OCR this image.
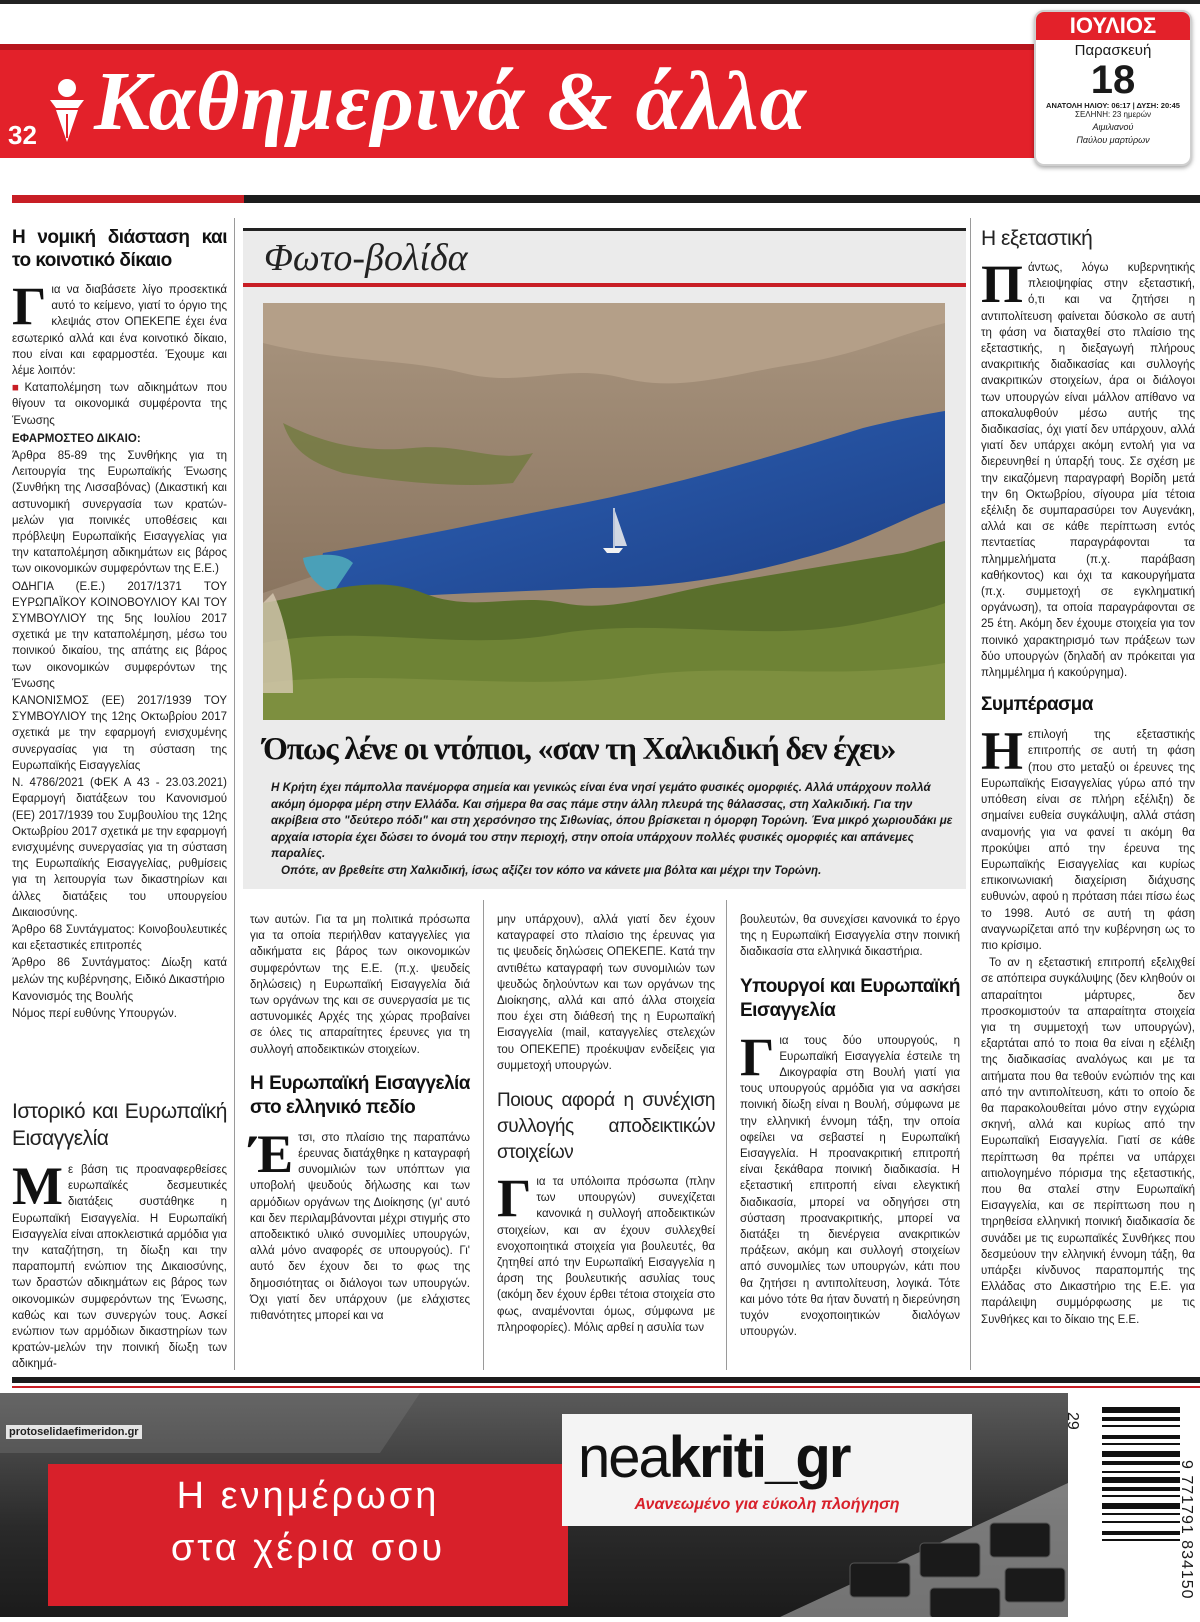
32 Καθημερινά & άλλα
ΙΟΥΛΙΟΣ
Παρασκευή
18
ΑΝΑΤΟΛΗ ΗΛΙΟΥ: 06:17 | ΔΥΣΗ: 20:45
ΣΕΛΗΝΗ: 23 ημερών
Αιμιλιανού
Παύλου μαρτύρων
Η νομική διάσταση και το κοινοτικό δίκαιο

Για να διαβάσετε λίγο προσεκτικά αυτό το κείμενο, γιατί το όργιο της κλεψιάς στον ΟΠΕΚΕΠΕ έχει ένα εσωτερικό αλλά και ένα κοινοτικό δίκαιο, που είναι και εφαρμοστέα. Έχουμε και λέμε λοιπόν:

■Καταπολέμηση των αδικημάτων που θίγουν τα οικονομικά συμφέροντα της Ένωσης

ΕΦΑΡΜΟΣΤΕΟ ΔΙΚΑΙΟ:

Άρθρα 85-89 της Συνθήκης για τη Λειτουργία της Ευρωπαϊκής Ένωσης (Συνθήκη της Λισσαβόνας) (Δικαστική και αστυνομική συνεργασία των κρατών-μελών για ποινικές υποθέσεις και πρόβλεψη Ευρωπαϊκής Εισαγγελίας για την καταπολέμηση αδικημάτων εις βάρος των οικονομικών συμφερόντων της Ε.Ε.)

ΟΔΗΓΙΑ (Ε.Ε.) 2017/1371 ΤΟΥ ΕΥΡΩΠΑΪΚΟΥ ΚΟΙΝΟΒΟΥΛΙΟΥ ΚΑΙ ΤΟΥ ΣΥΜΒΟΥΛΙΟΥ της 5ης Ιουλίου 2017 σχετικά με την καταπολέμηση, μέσω του ποινικού δικαίου, της απάτης εις βάρος των οικονομικών συμφερόντων της Ένωσης

ΚΑΝΟΝΙΣΜΟΣ (ΕΕ) 2017/1939 ΤΟΥ ΣΥΜΒΟΥΛΙΟΥ της 12ης Οκτωβρίου 2017 σχετικά με την εφαρμογή ενισχυμένης συνεργασίας για τη σύσταση της Ευρωπαϊκής Εισαγγελίας

Ν. 4786/2021 (ΦΕΚ Α 43 - 23.03.2021) Εφαρμογή διατάξεων του Κανονισμού (ΕΕ) 2017/1939 του Συμβουλίου της 12ης Οκτωβρίου 2017 σχετικά με την εφαρμογή ενισχυμένης συνεργασίας για τη σύσταση της Ευρωπαϊκής Εισαγγελίας, ρυθμίσεις για τη λειτουργία των δικαστηρίων και άλλες διατάξεις του υπουργείου Δικαιοσύνης.

Άρθρο 68 Συντάγματος: Κοινοβουλευτικές και εξεταστικές επιτροπές

Άρθρο 86 Συντάγματος: Δίωξη κατά μελών της κυβέρνησης, Ειδικό Δικαστήριο

Κανονισμός της Βουλής

Νόμος περί ευθύνης Υπουργών.

Ιστορικό και Ευρωπαϊκή Εισαγγελία

Με βάση τις προαναφερθείσες ευρωπαϊκές δεσμευτικές διατάξεις συστάθηκε η Ευρωπαϊκή Εισαγγελία. Η Ευρωπαϊκή Εισαγγελία είναι αποκλειστικά αρμόδια για την καταζήτηση, τη δίωξη και την παραπομπή ενώπιον της Δικαιοσύνης, των δραστών αδικημάτων εις βάρος των οικονομικών συμφερόντων της Ένωσης, καθώς και των συνεργών τους. Ασκεί ενώπιον των αρμόδιων δικαστηρίων των κρατών-μελών την ποινική δίωξη των αδικημά-

Φωτο-βολίδα
Όπως λένε οι ντόπιοι, «σαν τη Χαλκιδική δεν έχει»

Η Κρήτη έχει πάμπολλα πανέμορφα σημεία και γενικώς είναι ένα νησί γεμάτο φυσικές ομορφιές. Αλλά υπάρχουν πολλά ακόμη όμορφα μέρη στην Ελλάδα. Και σήμερα θα σας πάμε στην άλλη πλευρά της θάλασσας, στη Χαλκιδική. Για την ακρίβεια στο "δεύτερο πόδι" και στη χερσόνησο της Σιθωνίας, όπου βρίσκεται η όμορφη Τορώνη. Ένα μικρό χωριουδάκι με αρχαία ιστορία έχει δώσει το όνομά του στην περιοχή, στην οποία υπάρχουν πολλές φυσικές ομορφιές και απάνεμες παραλίες.

Οπότε, αν βρεθείτε στη Χαλκιδική, ίσως αξίζει τον κόπο να κάνετε μια βόλτα και μέχρι την Τορώνη.

των αυτών. Για τα μη πολιτικά πρόσωπα για τα οποία περιήλθαν καταγγελίες για αδικήματα εις βάρος των οικονομικών συμφερόντων της Ε.Ε. (π.χ. ψευδείς δηλώσεις) η Ευρωπαϊκή Εισαγγελία διά των οργάνων της και σε συνεργασία με τις αστυνομικές Αρχές της χώρας προβαίνει σε όλες τις απαραίτητες έρευνες για τη συλλογή αποδεικτικών στοιχείων.

Η Ευρωπαϊκή Εισαγγελία στο ελληνικό πεδίο

Έτσι, στο πλαίσιο της παραπάνω έρευνας διατάχθηκε η καταγραφή συνομιλιών των υπόπτων για υποβολή ψευδούς δήλωσης και των αρμόδιων οργάνων της Διοίκησης (γι' αυτό και δεν περιλαμβάνονται μέχρι στιγμής στο αποδεικτικό υλικό συνομιλίες υπουργών, αλλά μόνο αναφορές σε υπουργούς). Γι' αυτό δεν έχουν δει το φως της δημοσιότητας οι διάλογοι των υπουργών. Όχι γιατί δεν υπάρχουν (με ελάχιστες πιθανότητες μπορεί και να

μην υπάρχουν), αλλά γιατί δεν έχουν καταγραφεί στο πλαίσιο της έρευνας για τις ψευδείς δηλώσεις ΟΠΕΚΕΠΕ. Κατά την αντιθέτω καταγραφή των συνομιλιών των ψευδώς δηλούντων και των οργάνων της Διοίκησης, αλλά και από άλλα στοιχεία που έχει στη διάθεσή της η Ευρωπαϊκή Εισαγγελία (mail, καταγγελίες στελεχών του ΟΠΕΚΕΠΕ) προέκυψαν ενδείξεις για συμμετοχή υπουργών.

Ποιους αφορά η συνέχιση συλλογής αποδεικτικών στοιχείων

Για τα υπόλοιπα πρόσωπα (πλην των υπουργών) συνεχίζεται κανονικά η συλλογή αποδεικτικών στοιχείων, και αν έχουν συλλεχθεί ενοχοποιητικά στοιχεία για βουλευτές, θα ζητηθεί από την Ευρωπαϊκή Εισαγγελία η άρση της βουλευτικής ασυλίας τους (ακόμη δεν έχουν έρθει τέτοια στοιχεία στο φως, αναμένονται όμως, σύμφωνα με πληροφορίες). Μόλις αρθεί η ασυλία των

βουλευτών, θα συνεχίσει κανονικά το έργο της η Ευρωπαϊκή Εισαγγελία στην ποινική διαδικασία στα ελληνικά δικαστήρια.

Υπουργοί και Ευρωπαϊκή Εισαγγελία

Για τους δύο υπουργούς, η Ευρωπαϊκή Εισαγγελία έστειλε τη Δικογραφία στη Βουλή γιατί για τους υπουργούς αρμόδια για να ασκήσει ποινική δίωξη είναι η Βουλή, σύμφωνα με την ελληνική έννομη τάξη, την οποία οφείλει να σεβαστεί η Ευρωπαϊκή Εισαγγελία. Η προανακριτική επιτροπή είναι ξεκάθαρα ποινική διαδικασία. Η εξεταστική επιτροπή είναι ελεγκτική διαδικασία, μπορεί να οδηγήσει στη σύσταση προανακριτικής, μπορεί να διατάξει τη διενέργεια ανακριτικών πράξεων, ακόμη και συλλογή στοιχείων από συνομιλίες των υπουργών, κάτι που θα ζητήσει η αντιπολίτευση, λογικά. Τότε και μόνο τότε θα ήταν δυνατή η διερεύνηση τυχόν ενοχοποιητικών διαλόγων υπουργών.

Η εξεταστική

Πάντως, λόγω κυβερνητικής πλειοψηφίας στην εξεταστική, ό,τι και να ζητήσει η αντιπολίτευση φαίνεται δύσκολο σε αυτή τη φάση να διαταχθεί στο πλαίσιο της εξεταστικής, η διεξαγωγή πλήρους ανακριτικής διαδικασίας και συλλογής ανακριτικών στοιχείων, άρα οι διάλογοι των υπουργών είναι μάλλον απίθανο να αποκαλυφθούν μέσω αυτής της διαδικασίας, όχι γιατί δεν υπάρχουν, αλλά γιατί δεν υπάρχει ακόμη εντολή για να διερευνηθεί η ύπαρξή τους. Σε σχέση με την εικαζόμενη παραγραφή Βορίδη μετά την 6η Οκτωβρίου, σίγουρα μία τέτοια εξέλιξη δε συμπαρασύρει τον Αυγενάκη, αλλά και σε κάθε περίπτωση εντός πενταετίας παραγράφονται τα πλημμελήματα (π.χ. παράβαση καθήκοντος) και όχι τα κακουργήματα (π.χ. συμμετοχή σε εγκληματική οργάνωση), τα οποία παραγράφονται σε 25 έτη. Ακόμη δεν έχουμε στοιχεία για τον ποινικό χαρακτηρισμό των πράξεων των δύο υπουργών (δηλαδή αν πρόκειται για πλημμέλημα ή κακούργημα).

Συμπέρασμα

Ηεπιλογή της εξεταστικής επιτροπής σε αυτή τη φάση (που στο μεταξύ οι έρευνες της Ευρωπαϊκής Εισαγγελίας γύρω από την υπόθεση είναι σε πλήρη εξέλιξη) δε σημαίνει ευθεία συγκάλυψη, αλλά στάση αναμονής για να φανεί τι ακόμη θα προκύψει από την έρευνα της Ευρωπαϊκής Εισαγγελίας και κυρίως επικοινωνιακή διαχείριση διάχυσης ευθυνών, αφού η πρόταση πάει πίσω έως το 1998. Αυτό σε αυτή τη φάση αναγνωρίζεται από την κυβέρνηση ως το πιο κρίσιμο.

Το αν η εξεταστική επιτροπή εξελιχθεί σε απόπειρα συγκάλυψης (δεν κληθούν οι απαραίτητοι μάρτυρες, δεν προσκομιστούν τα απαραίτητα στοιχεία για τη συμμετοχή των υπουργών), εξαρτάται από το ποια θα είναι η εξέλιξη της διαδικασίας αναλόγως και με τα αιτήματα που θα τεθούν ενώπιόν της και από την αντιπολίτευση, κάτι το οποίο δε θα παρακολουθείται μόνο στην εγχώρια σκηνή, αλλά και κυρίως από την Ευρωπαϊκή Εισαγγελία. Γιατί σε κάθε περίπτωση θα πρέπει να υπάρχει αιτιολογημένο πόρισμα της εξεταστικής, που θα σταλεί στην Ευρωπαϊκή Εισαγγελία, και σε περίπτωση που η τηρηθείσα ελληνική ποινική διαδικασία δε συνάδει με τις ευρωπαϊκές Συνθήκες που δεσμεύουν την ελληνική έννομη τάξη, θα υπάρξει κίνδυνος παραπομπής της Ελλάδας στο Δικαστήριο της Ε.Ε. για παράλειψη συμμόρφωσης με τις Συνθήκες και το δίκαιο της Ε.Ε.

protoselidaefimeridon.gr
Η ενημέρωση
στα χέρια σου
neakriti_gr
Ανανεωμένο για εύκολη πλοήγηση
29
9 771791 834150
